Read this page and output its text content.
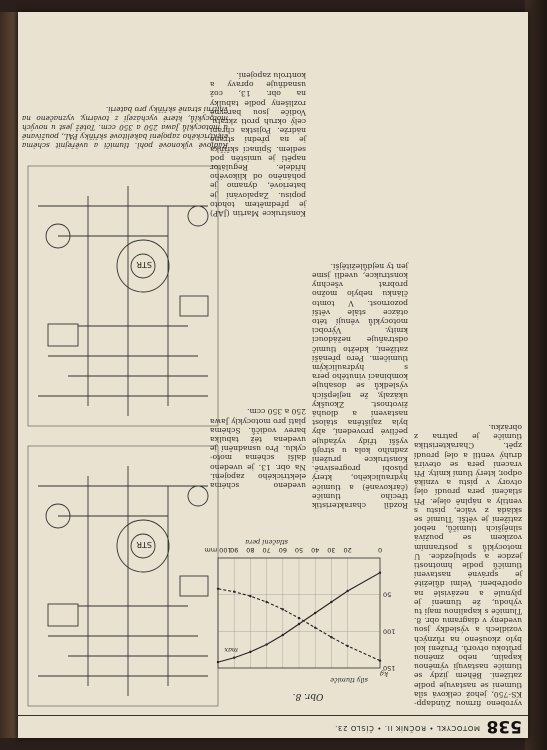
538
MOTOCYKL • ROČNÍK II. • ČÍSLO 23.
vyrobeno firmou Zündapp-KS-750, jehož celková síla tlumení se nastavuje podle zatížení. Během jízdy se tlumiče nastavují výměnou kapalin, nebo změnou průtoku otvorů. Pružení kol bylo zkoušeno na různých vozidlech a výsledky jsou uvedeny v diagramu obr. 8. Tlumiče s kapalinou mají tu výhodu, že tlumení je plynulé a nezávislé na opotřebení. Velmi důležité je správné nastavení tlumičů podle hmotnosti jezdce a spolujezdce. U motocyklů s postranním vozíkem se používá silnějších tlumičů, neboť zatížení je větší. Tlumič se skládá z válce, pístu s ventily a náplně oleje. Při stlačení pera proudí olej otvory v pístu a vzniká odpor, který tlumí kmity. Při vracení pera se otevírá druhý ventil a olej proudí zpět. Charakteristika tlumiče je patrna z obrázku.
Obr. 8.
0
20
30
40
50
60
70
80
90
100 mm
150
100
50
síly tlumiče
kg
stlačení pera
max
Rozdíl charakteristik třecího tlumiče (čárkovaně) a tlumiče hydraulického, který působí progresivně. Konstrukce pružení zadního kola u strojů vyšší třídy vyžaduje pečlivé provedení, aby byla zajištěna stálost nastavení a dlouhá životnost. Zkoušky ukázaly, že nejlepších výsledků se dosahuje kombinací vinutého pera s hydraulickým tlumičem. Pero přenáší zatížení, kdežto tlumič odstraňuje nežádoucí kmity. Výrobci motocyklů věnují této otázce stále větší pozornost. V tomto článku nebylo možno probrat všechny konstrukce, uvedli jsme jen ty nejdůležitější.
uvedeno schéma elektrického zapojení. Na obr. 13. je uvedeno další schéma moto-cyklu. Pro usnadnění je uvedena též tabulka barev vodičů. Schéma platí pro motocykly Jawa 250 a 350 ccm.
Konstrukce Martin (JAP) je předmětem tohoto popisu. Zapalování je bateriové, dynamo je poháněno od klikového hřídele. Regulátor napětí je umístěn pod sedlem. Spínací skříňka je na přední straně nádrže. Pojistka chrání celý okruh proti zkratu. Vodiče jsou barevně rozlišeny podle tabulky na obr. 13, což usnadňuje opravy a kontrolu zapojení.
STR
STR
Rádiové výkonové pohl. tlumiči a uvěřejnit schéma elektrického zapojení bakelitové skříňky PAL, používané u motocyklů Jawa 250 a 350 ccm. Totéž jest u nových motocyklů, které vycházejí z továrny, vyznačeno na vnitřní straně skříňky pro baterii.
